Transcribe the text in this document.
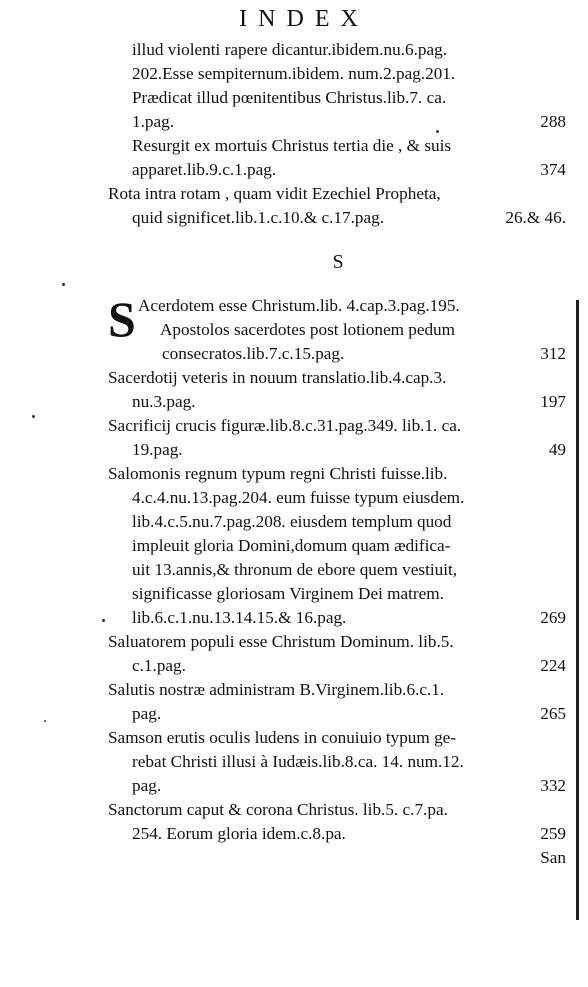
INDEX
illud violenti rapere dicantur.ibidem.nu.6.pag.
202.Esse sempiternum.ibidem. num.2.pag.201.
Prædicat illud pœnitentibus Christus.lib.7. ca.
1.pag.	288
Resurgit ex mortuis Christus tertia die , & suis
apparet.lib.9.c.1.pag.	374
Rota intra rotam , quam vidit Ezechiel Propheta,
quid significet.lib.1.c.10.& c.17.pag.	26.& 46.
S
S Acerdotem esse Christum.lib. 4.cap.3.pag.195.
Apostolos sacerdotes post lotionem pedum
consecratos.lib.7.c.15.pag.	312
Sacerdotij veteris in nouum translatio.lib.4.cap.3.
nu.3.pag.	197
Sacrificij crucis figuræ.lib.8.c.31.pag.349. lib.1. ca.
19.pag.	49
Salomonis regnum typum regni Christi fuisse.lib.
4.c.4.nu.13.pag.204. eum fuisse typum eiusdem.
lib.4.c.5.nu.7.pag.208. eiusdem templum quod
impleuit gloria Domini,domum quam ædifica-
uit 13.annis,& thronum de ebore quem vestiuit,
significasse gloriosam Virginem Dei matrem.
lib.6.c.1.nu.13.14.15.& 16.pag.	269
Saluatorem populi esse Christum Dominum. lib.5.
c.1.pag.	224
Salutis nostræ administram B.Virginem.lib.6.c.1.
pag.	265
Samson erutis oculis ludens in conuiuio typum ge-
rebat Christi illusi à Iudæis.lib.8.ca. 14. num.12.
pag.	332
Sanctorum caput & corona Christus. lib.5. c.7.pa.
254. Eorum gloria idem.c.8.pa.	259
San
